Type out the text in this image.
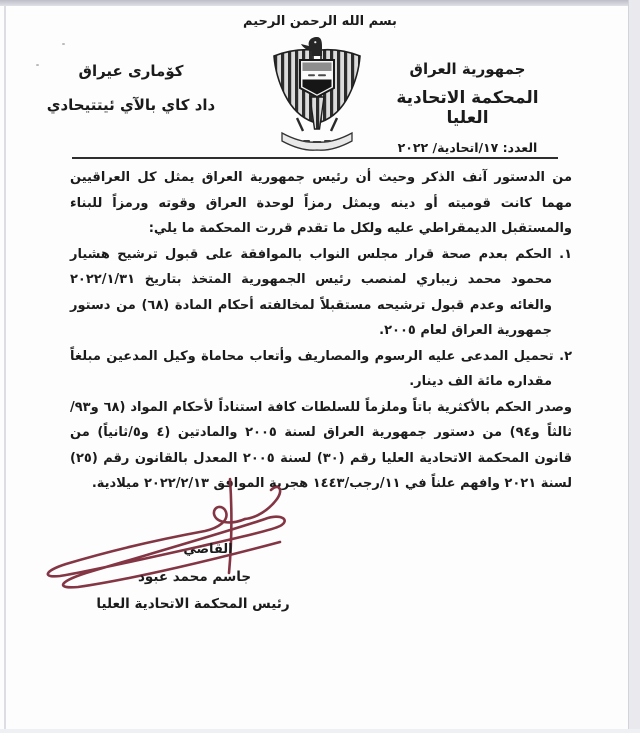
بسم الله الرحمن الرحيم
جمهورية العراق
المحكمة الاتحادية العليا
العدد: ١٧/اتحادية/ ٢٠٢٢
كۆمارى عيراق
داد كاي بالآي ئيتتيحادي

من الدستور آنف الذكر وحيث أن رئيس جمهورية العراق يمثل كل العراقيين مهما كانت قوميته أو دينه ويمثل رمزاً لوحدة العراق وقوته ورمزاً للبناء والمستقبل الديمقراطي عليه ولكل ما تقدم قررت المحكمة ما يلي:

١. الحكم بعدم صحة قرار مجلس النواب بالموافقة على قبول ترشيح هشيار محمود محمد زيباري لمنصب رئيس الجمهورية المتخذ بتاريخ ٢٠٢٢/١/٣١ والغائه وعدم قبول ترشيحه مستقبلاً لمخالفته أحكام المادة (٦٨) من دستور جمهورية العراق لعام ٢٠٠٥.

٢. تحميل المدعى عليه الرسوم والمصاريف وأتعاب محاماة وكيل المدعين مبلغاً مقداره مائة الف دينار.

وصدر الحكم بالأكثرية باتاً وملزماً للسلطات كافة استناداً لأحكام المواد (٦٨ و٩٣/ ثالثاً و٩٤) من دستور جمهورية العراق لسنة ٢٠٠٥ والمادتين (٤ و٥/ثانياً) من قانون المحكمة الاتحادية العليا رقم (٣٠) لسنة ٢٠٠٥ المعدل بالقانون رقم (٢٥) لسنة ٢٠٢١ وافهم علناً في ١١/رجب/١٤٤٣ هجرية الموافق ٢٠٢٢/٢/١٣ ميلادية.

القاضي
جاسم محمد عبود
رئيس المحكمة الاتحادية العليا
